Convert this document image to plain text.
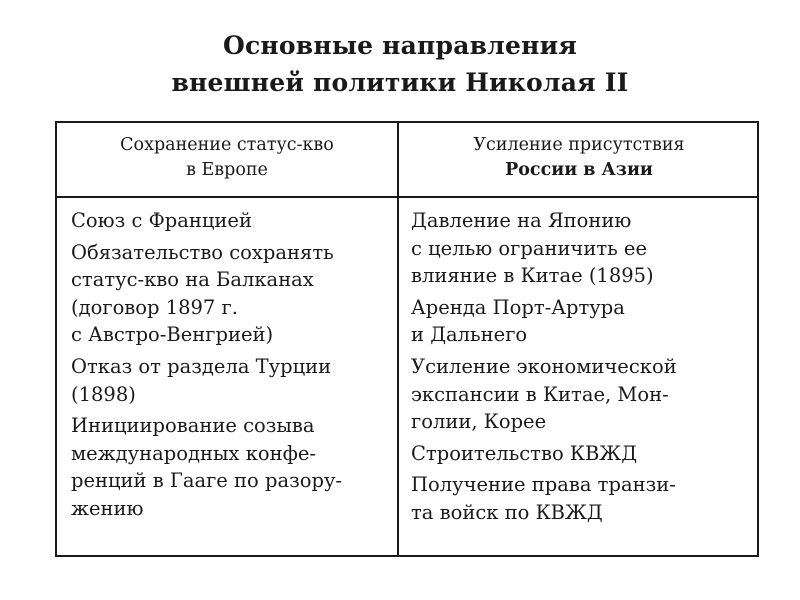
Основные направления
внешней политики Николая II
Сохранение статус-кво
в Европе
Усиление присутствия
России в Азии
Союз с Францией
Обязательство сохранять
статус-кво на Балканах
(договор 1897 г.
с Австро-Венгрией)
Отказ от раздела Турции
(1898)
Инициирование созыва
международных конфе-
ренций в Гааге по разору-
жению
Давление на Японию
с целью ограничить ее
влияние в Китае (1895)
Аренда Порт-Артура
и Дальнего
Усиление экономической
экспансии в Китае, Мон-
голии, Корее
Строительство КВЖД
Получение права транзи-
та войск по КВЖД
